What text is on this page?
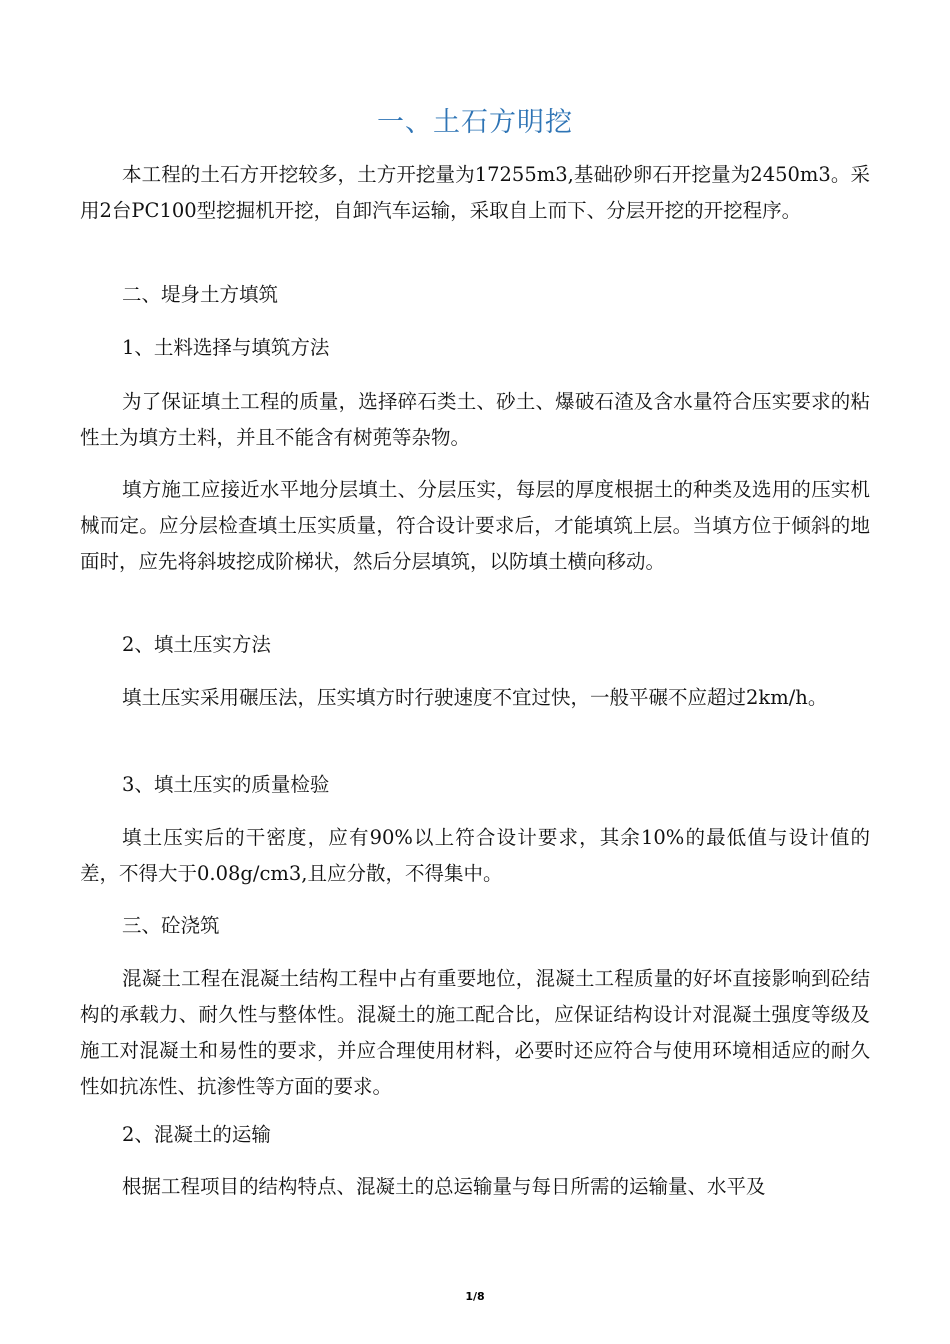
一、土石方明挖

本工程的土石方开挖较多，土方开挖量为17255m3,基础砂卵石开挖量为2450m3。采用2台PC100型挖掘机开挖，自卸汽车运输，采取自上而下、分层开挖的开挖程序。

二、堤身土方填筑

1、土料选择与填筑方法

为了保证填土工程的质量，选择碎石类土、砂土、爆破石渣及含水量符合压实要求的粘性土为填方土料，并且不能含有树蔸等杂物。

填方施工应接近水平地分层填土、分层压实，每层的厚度根据土的种类及选用的压实机械而定。应分层检查填土压实质量，符合设计要求后，才能填筑上层。当填方位于倾斜的地面时，应先将斜坡挖成阶梯状，然后分层填筑，以防填土横向移动。

2、填土压实方法

填土压实采用碾压法，压实填方时行驶速度不宜过快，一般平碾不应超过2km/h。

3、填土压实的质量检验

填土压实后的干密度，应有90%以上符合设计要求，其余10%的最低值与设计值的差，不得大于0.08g/cm3,且应分散，不得集中。

三、砼浇筑

混凝土工程在混凝土结构工程中占有重要地位，混凝土工程质量的好坏直接影响到砼结构的承载力、耐久性与整体性。混凝土的施工配合比，应保证结构设计对混凝土强度等级及施工对混凝土和易性的要求，并应合理使用材料，必要时还应符合与使用环境相适应的耐久性如抗冻性、抗渗性等方面的要求。

2、混凝土的运输

根据工程项目的结构特点、混凝土的总运输量与每日所需的运输量、水平及

1/8
